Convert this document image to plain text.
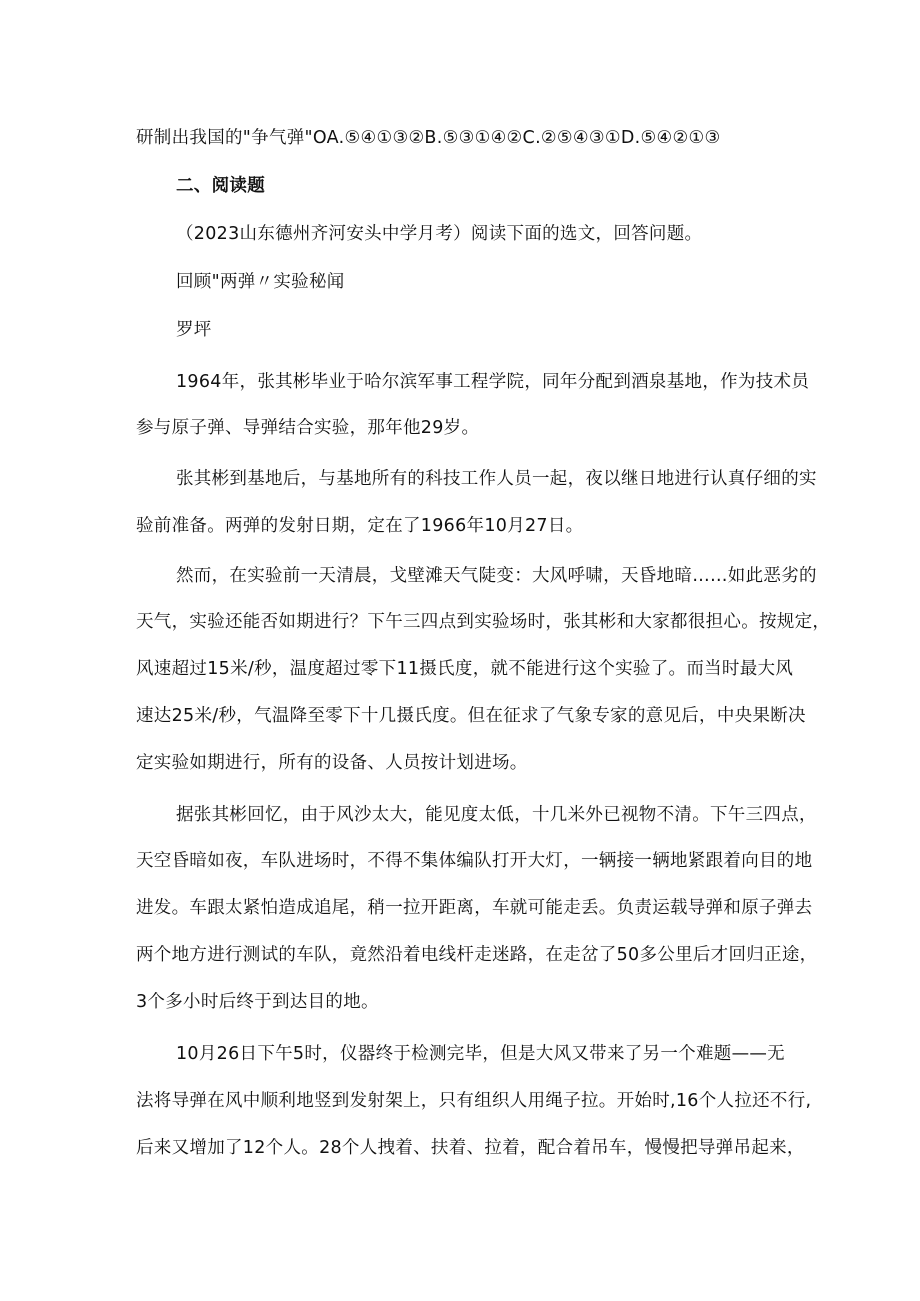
研制出我国的"争气弹"OA.⑤④①③②B.⑤③①④②C.②⑤④③①D.⑤④②①③
二、阅读题
（2023山东德州齐河安头中学月考）阅读下面的选文，回答问题。
回顾"两弹〃实验秘闻
罗坪
1964年，张其彬毕业于哈尔滨军事工程学院，同年分配到酒泉基地，作为技术员
参与原子弹、导弹结合实验，那年他29岁。
张其彬到基地后，与基地所有的科技工作人员一起，夜以继日地进行认真仔细的实
验前准备。两弹的发射日期，定在了1966年10月27日。
然而，在实验前一天清晨，戈壁滩天气陡变：大风呼啸，天昏地暗……如此恶劣的
天气，实验还能否如期进行？下午三四点到实验场时，张其彬和大家都很担心。按规定，
风速超过15米/秒，温度超过零下11摄氏度，就不能进行这个实验了。而当时最大风
速达25米/秒，气温降至零下十几摄氏度。但在征求了气象专家的意见后，中央果断决
定实验如期进行，所有的设备、人员按计划进场。
据张其彬回忆，由于风沙太大，能见度太低，十几米外已视物不清。下午三四点，
天空昏暗如夜，车队进场时，不得不集体编队打开大灯，一辆接一辆地紧跟着向目的地
进发。车跟太紧怕造成追尾，稍一拉开距离，车就可能走丢。负责运载导弹和原子弹去
两个地方进行测试的车队，竟然沿着电线杆走迷路，在走岔了50多公里后才回归正途，
3个多小时后终于到达目的地。
10月26日下午5时，仪器终于检测完毕，但是大风又带来了另一个难题——无
法将导弹在风中顺利地竖到发射架上，只有组织人用绳子拉。开始时,16个人拉还不行,
后来又增加了12个人。28个人拽着、扶着、拉着，配合着吊车，慢慢把导弹吊起来，
